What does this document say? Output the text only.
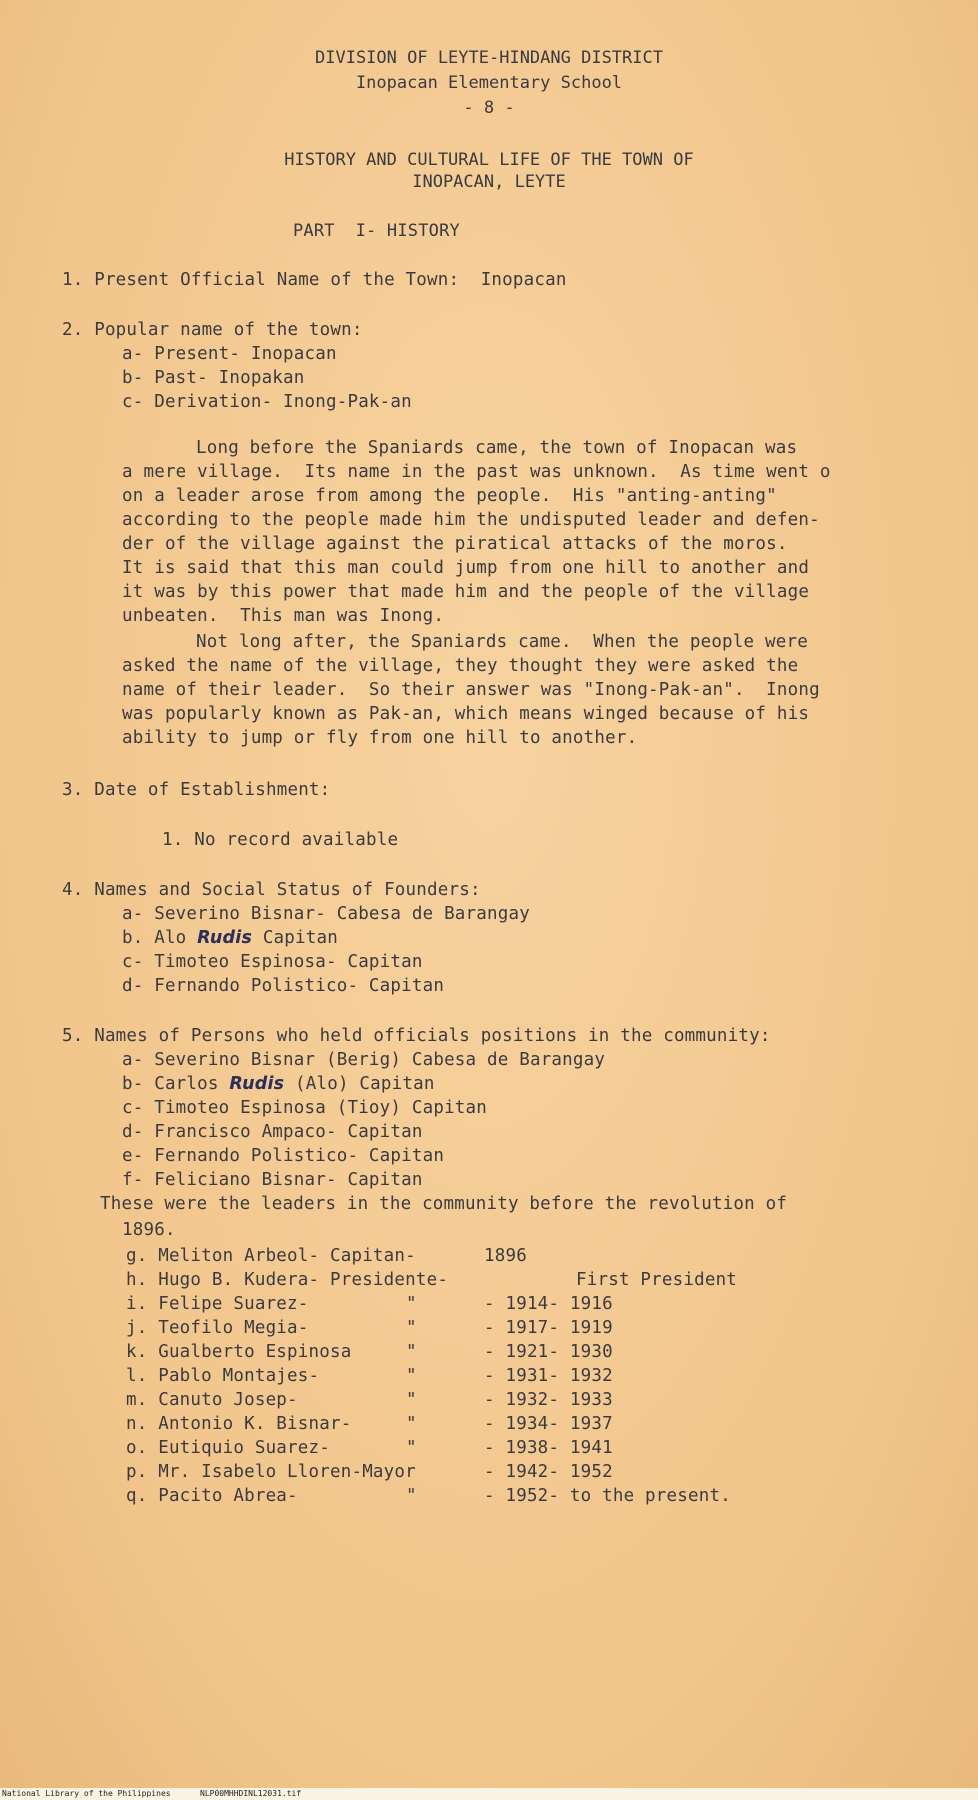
DIVISION OF LEYTE-HINDANG DISTRICT
Inopacan Elementary School
- 8 -
HISTORY AND CULTURAL LIFE OF THE TOWN OF
INOPACAN, LEYTE
PART  I- HISTORY
1. Present Official Name of the Town:  Inopacan
2. Popular name of the town:
a- Present- Inopacan
b- Past- Inopakan
c- Derivation- Inong-Pak-an
Long before the Spaniards came, the town of Inopacan was
a mere village.  Its name in the past was unknown.  As time went o
on a leader arose from among the people.  His "anting-anting"
according to the people made him the undisputed leader and defen-
der of the village against the piratical attacks of the moros.
It is said that this man could jump from one hill to another and
it was by this power that made him and the people of the village
unbeaten.  This man was Inong.
Not long after, the Spaniards came.  When the people were
asked the name of the village, they thought they were asked the
name of their leader.  So their answer was "Inong-Pak-an".  Inong
was popularly known as Pak-an, which means winged because of his
ability to jump or fly from one hill to another.
3. Date of Establishment:
1. No record available
4. Names and Social Status of Founders:
a- Severino Bisnar- Cabesa de Barangay
b. Alo Rudis Capitan
c- Timoteo Espinosa- Capitan
d- Fernando Polistico- Capitan
5. Names of Persons who held officials positions in the community:
a- Severino Bisnar (Berig) Cabesa de Barangay
b- Carlos Rudis (Alo) Capitan
c- Timoteo Espinosa (Tioy) Capitan
d- Francisco Ampaco- Capitan
e- Fernando Polistico- Capitan
f- Feliciano Bisnar- Capitan
These were the leaders in the community before the revolution of
1896.
g. Meliton Arbeol- Capitan-	1896
h. Hugo B. Kudera- Presidente-	First President
i. Felipe Suarez-	"	- 1914- 1916
j. Teofilo Megia-	"	- 1917- 1919
k. Gualberto Espinosa	"	- 1921- 1930
l. Pablo Montajes-	"	- 1931- 1932
m. Canuto Josep-	"	- 1932- 1933
n. Antonio K. Bisnar-	"	- 1934- 1937
o. Eutiquio Suarez-	"	- 1938- 1941
p. Mr. Isabelo Lloren-Mayor	- 1942- 1952
q. Pacito Abrea-	"	- 1952- to the present.
National Library of the Philippines	NLP00MHHDINL12031.tif
